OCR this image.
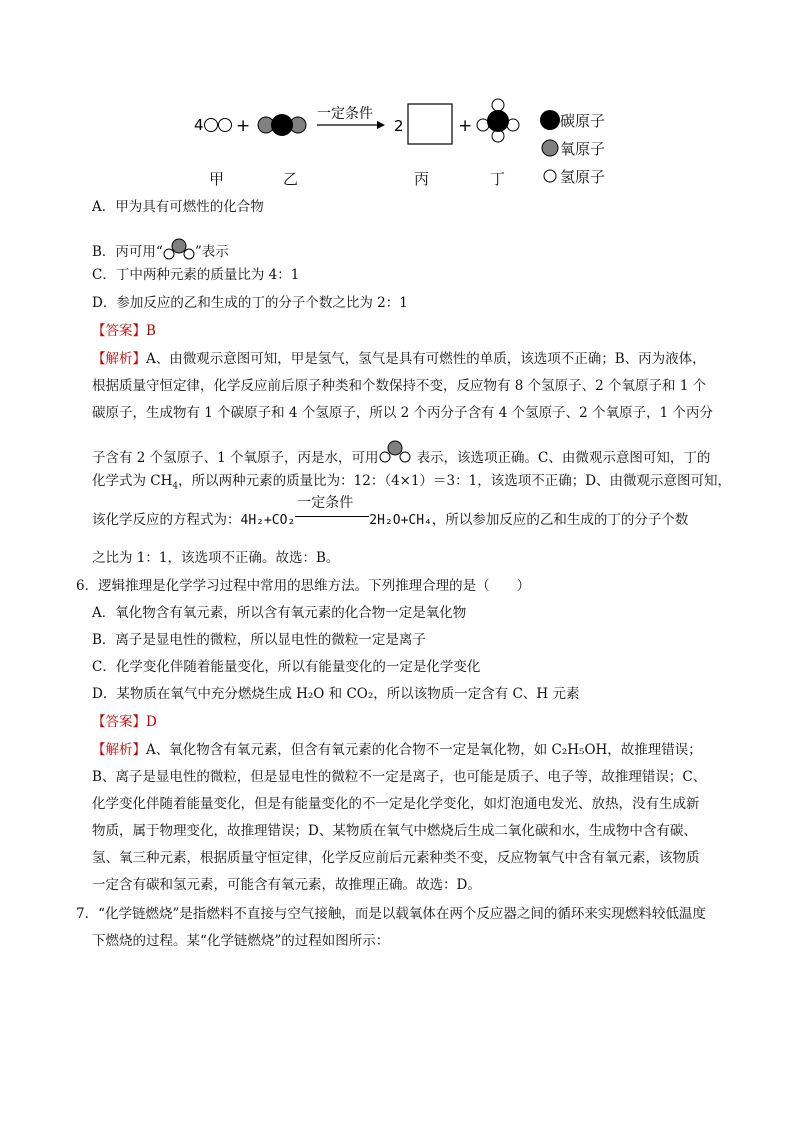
4 +
一定条件
2	+	碳原子
氧原子
氢原子
甲	乙	丙	丁
A．甲为具有可燃性的化合物
B．丙可用“ ”表示
C．丁中两种元素的质量比为 4：1
D．参加反应的乙和生成的丁的分子个数之比为 2：1
【答案】B
【解析】A、由微观示意图可知，甲是氢气，氢气是具有可燃性的单质，该选项不正确；B、丙为液体，
根据质量守恒定律，化学反应前后原子种类和个数保持不变，反应物有 8 个氢原子、2 个氧原子和 1 个
碳原子，生成物有 1 个碳原子和 4 个氢原子，所以 2 个丙分子含有 4 个氢原子、2 个氧原子，1 个丙分
子含有 2 个氢原子、1 个氧原子，丙是水，可用	表示，该选项正确。C、由微观示意图可知，丁的
化学式为 $CH_4$，所以两种元素的质量比为：12：（4×1）＝3：1，该选项不正确；D、由微观示意图可知，
该化学反应的方程式为：4H₂+CO₂
一定条件
2H₂O+CH₄，所以参加反应的乙和生成的丁的分子个数
之比为 1：1，该选项不正确。故选：B。
6．逻辑推理是化学学习过程中常用的思维方法。下列推理合理的是（　　）
A．氧化物含有氧元素，所以含有氧元素的化合物一定是氧化物
B．离子是显电性的微粒，所以显电性的微粒一定是离子
C．化学变化伴随着能量变化，所以有能量变化的一定是化学变化
D．某物质在氧气中充分燃烧生成 H₂O 和 CO₂，所以该物质一定含有 C、H 元素
【答案】D
【解析】A、氧化物含有氧元素，但含有氧元素的化合物不一定是氧化物，如 C₂H₅OH，故推理错误；
B、离子是显电性的微粒，但是显电性的微粒不一定是离子，也可能是质子、电子等，故推理错误；C、
化学变化伴随着能量变化，但是有能量变化的不一定是化学变化，如灯泡通电发光、放热，没有生成新
物质，属于物理变化，故推理错误；D、某物质在氧气中燃烧后生成二氧化碳和水，生成物中含有碳、
氢、氧三种元素，根据质量守恒定律，化学反应前后元素种类不变，反应物氧气中含有氧元素，该物质
一定含有碳和氢元素，可能含有氧元素，故推理正确。故选：D。
7．“化学链燃烧”是指燃料不直接与空气接触，而是以载氧体在两个反应器之间的循环来实现燃料较低温度
下燃烧的过程。某“化学链燃烧”的过程如图所示：
